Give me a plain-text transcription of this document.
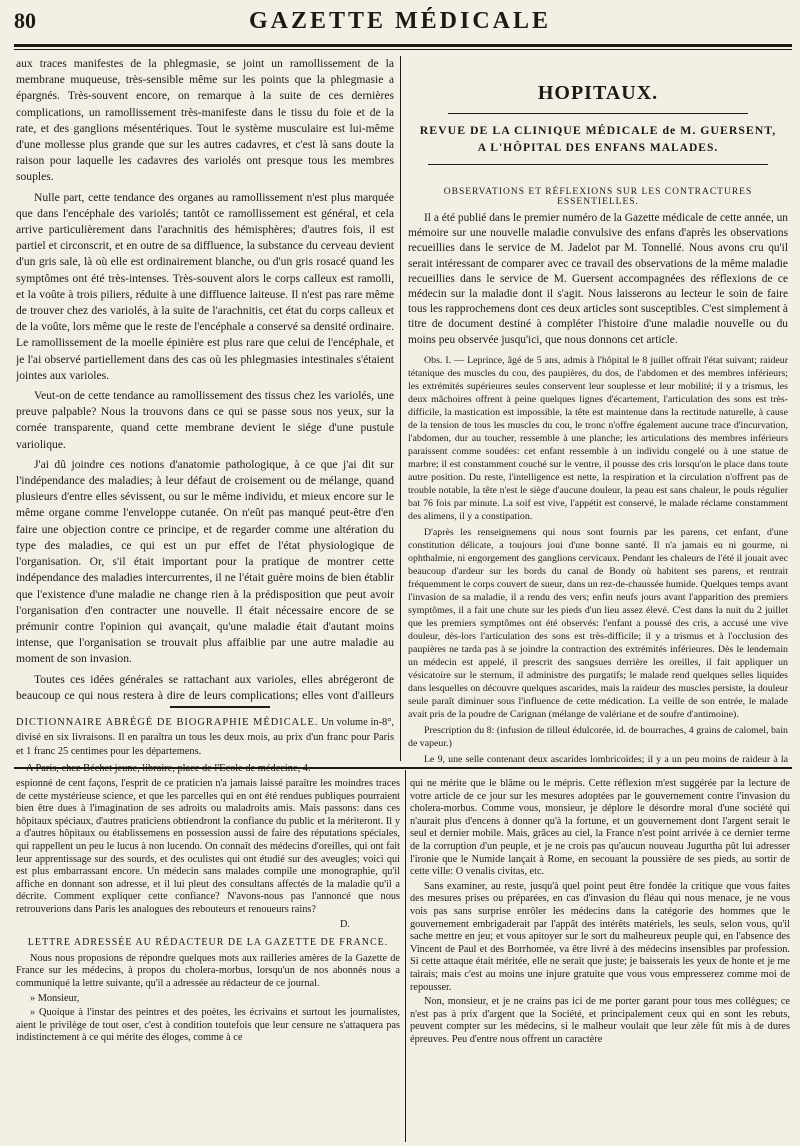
80	GAZETTE MÉDICALE

aux traces manifestes de la phlegmasie, se joint un ramollissement de la membrane muqueuse, très-sensible même sur les points que la phlegmasie a épargnés. Très-souvent encore, on remarque à la suite de ces dernières complications, un ramollissement très-manifeste dans le tissu du foie et de la rate, et des ganglions mésentériques. Tout le système musculaire est lui-même d'une mollesse plus grande que sur les autres cadavres, et c'est là sans doute la raison pour laquelle les cadavres des variolés ont presque tous les membres souples.

Nulle part, cette tendance des organes au ramollissement n'est plus marquée que dans l'encéphale des variolés; tantôt ce ramollissement est général, et cela arrive particulièrement dans l'arachnitis des hémisphères; d'autres fois, il est partiel et circonscrit, et en outre de sa diffluence, la substance du cerveau devient d'un gris sale, là où elle est ordinairement blanche, ou d'un gris rosacé quand les symptômes ont été très-intenses. Très-souvent alors le corps calleux est ramolli, et la voûte à trois piliers, réduite à une diffluence laiteuse. Il n'est pas rare même de trouver chez des variolés, à la suite de l'arachnitis, cet état du corps calleux et de la voûte, lors même que le reste de l'encéphale a conservé sa densité ordinaire. Le ramollissement de la moelle épinière est plus rare que celui de l'encéphale, et je l'ai observé partiellement dans des cas où les phlegmasies intestinales s'étaient jointes aux varioles.

Veut-on de cette tendance au ramollissement des tissus chez les variolés, une preuve palpable? Nous la trouvons dans ce qui se passe sous nos yeux, sur la cornée transparente, quand cette membrane devient le siége d'une pustule variolique.

J'ai dû joindre ces notions d'anatomie pathologique, à ce que j'ai dit sur l'indépendance des maladies; à leur défaut de croisement ou de mélange, quand plusieurs d'entre elles sévissent, ou sur le même individu, et mieux encore sur le même organe comme l'enveloppe cutanée. On n'eût pas manqué peut-être d'en faire une objection contre ce principe, et de regarder comme une altération du type des maladies, ce qui est un pur effet de l'état physiologique de l'organisation. Or, s'il était important pour la pratique de montrer cette indépendance des maladies intercurrentes, il ne l'était guère moins de bien établir que l'existence d'une maladie ne change rien à la prédisposition que peut avoir l'organisation d'en contracter une nouvelle. Il était nécessaire encore de se prémunir contre l'opinion qui avançait, qu'une maladie était d'autant moins intense, que l'organisation se trouvait plus affaiblie par une autre maladie au moment de son invasion.

Toutes ces idées générales se rattachant aux varioles, elles abrégeront de beaucoup ce qui nous restera à dire de leurs complications; elles vont d'ailleurs

HOPITAUX.
REVUE DE LA CLINIQUE MÉDICALE de M. GUERSENT,
A L'HÔPITAL DES ENFANS MALADES.
OBSERVATIONS ET RÉFLEXIONS SUR LES CONTRACTURES ESSENTIELLES.

Il a été publié dans le premier numéro de la Gazette médicale de cette année, un mémoire sur une nouvelle maladie convulsive des enfans d'après les observations recueillies dans le service de M. Jadelot par M. Tonnellé. Nous avons cru qu'il serait intéressant de comparer avec ce travail des observations de la même maladie recueillies dans le service de M. Guersent accompagnées des réflexions de ce médecin sur la maladie dont il s'agit. Nous laisserons au lecteur le soin de faire tous les rapprochemens dont ces deux articles sont susceptibles. C'est simplement à titre de document destiné à compléter l'histoire d'une maladie nouvelle ou du moins peu observée jusqu'ici, que nous donnons cet article.

Obs. I. — Leprince, âgé de 5 ans, admis à l'hôpital le 8 juillet offrait l'état suivant; raideur tétanique des muscles du cou, des paupières, du dos, de l'abdomen et des membres inférieurs; les extrémités supérieures seules conservent leur souplesse et leur mobilité; il y a trismus, les deux mâchoires offrent à peine quelques lignes d'écartement, l'articulation des sons est très-difficile, la mastication est impossible, la tête est maintenue dans la rectitude naturelle, à cause de la tension de tous les muscles du cou, le tronc n'offre également aucune trace d'incurvation, l'abdomen, dur au toucher, ressemble à une planche; les articulations des membres inférieurs paraissent comme soudées: cet enfant ressemble à un individu congelé ou à une statue de marbre; il est constamment couché sur le ventre, il pousse des cris lorsqu'on le place dans toute autre position. Du reste, l'intelligence est nette, la respiration et la circulation n'offrent pas de trouble notable, la tête n'est le siège d'aucune douleur, la peau est sans chaleur, le pouls régulier bat 76 fois par minute. La soif est vive, l'appétit est conservé, le malade réclame constamment des alimens, il y a constipation.

D'après les renseignemens qui nous sont fournis par les parens, cet enfant, d'une constitution délicate, a toujours joui d'une bonne santé. Il n'a jamais eu ni gourme, ni ophthalmie, ni engorgement des ganglions cervicaux. Pendant les chaleurs de l'été il jouait avec beaucoup d'ardeur sur les bords du canal de Bondy où habitent ses parens, et rentrait fréquemment le corps couvert de sueur, dans un rez-de-chaussée humide. Quelques temps avant l'invasion de sa maladie, il a rendu des vers; enfin neufs jours avant l'apparition des premiers symptômes, il a fait une chute sur les pieds d'un lieu assez élevé. C'est dans la nuit du 2 juillet que les premiers symptômes ont été observés: l'enfant a poussé des cris, a accusé une vive douleur, dès-lors l'articulation des sons est très-difficile; il y a trismus et à l'occlusion des paupières ne tarda pas à se joindre la contraction des extrémités inférieures. Dès le lendemain un médecin est appelé, il prescrit des sangsues derrière les oreilles, il fait appliquer un vésicatoire sur le sternum, il administre des purgatifs; le malade rend quelques selles liquides dans lesquelles on découvre quelques ascarides, mais la raideur des muscles persiste, la douleur seule paraît diminuer sous l'influence de cette médication. La veille de son entrée, le malade avait pris de la poudre de Carignan (mélange de valériane et de soufre d'antimoine).

Prescription du 8: (infusion de tilleul édulcorée, id. de bourraches, 4 grains de calomel, bain de vapeur.)

Le 9, une selle contenant deux ascarides lombricoïdes; il y a un peu moins de raideur à la

DICTIONNAIRE ABRÉGÉ DE BIOGRAPHIE MÉDICALE. Un volume in-8°, divisé en six livraisons. Il en paraîtra un tous les deux mois, au prix d'un franc pour Paris et 1 franc 25 centimes pour les départemens.

A Paris, chez Béchet jeune, libraire, place de l'Ecole de médecine, 4.

espionné de cent façons, l'esprit de ce praticien n'a jamais laissé paraître les moindres traces de cette mystérieuse science, et que les parcelles qui en ont été rendues publiques pourraient bien être dues à l'imagination de ses adroits ou maladroits amis. Mais passons: dans ces hôpitaux spéciaux, d'autres praticiens obtiendront la confiance du public et la mériteront. Il y a d'autres hôpitaux ou établissemens en possession aussi de faire des réputations spéciales, qui rappellent un peu le lucus à non lucendo. On connaît des médecins d'oreilles, qui ont fait leur apprentissage sur des sourds, et des oculistes qui ont étudié sur des aveugles; voici qui est plus embarrassant encore. Un médecin sans malades compile une monographie, qu'il affiche en donnant son adresse, et il lui pleut des consultans affectés de la maladie qu'il a décrite. Comment expliquer cette confiance? N'avons-nous pas l'annoncé que nous retrouverions dans Paris les analogues des rebouteurs et renoueurs rains?

D.
LETTRE ADRESSÉE AU RÉDACTEUR DE LA GAZETTE DE FRANCE.

Nous nous proposions de répondre quelques mots aux railleries amères de la Gazette de France sur les médecins, à propos du cholera-morbus, lorsqu'un de nos abonnés nous a communiqué la lettre suivante, qu'il a adressée au rédacteur de ce journal.

» Monsieur,

» Quoique à l'instar des peintres et des poètes, les écrivains et surtout les journalistes, aient le privilège de tout oser, c'est à condition toutefois que leur censure ne s'attaquera pas indistinctement à ce qui mérite des éloges, comme à ce

qui ne mérite que le blâme ou le mépris. Cette réflexion m'est suggérée par la lecture de votre article de ce jour sur les mesures adoptées par le gouvernement contre l'invasion du cholera-morbus. Comme vous, monsieur, je déplore le désordre moral d'une société qui n'aurait plus d'encens à donner qu'à la fortune, et un gouvernement dont l'argent serait le seul et dernier mobile. Mais, grâces au ciel, la France n'est point arrivée à ce dernier terme de la corruption d'un peuple, et je ne crois pas qu'aucun nouveau Jugurtha pût lui adresser l'ironie que le Numide lançait à Rome, en secouant la poussière de ses pieds, au sortir de cette ville: O venalis civitas, etc.

Sans examiner, au reste, jusqu'à quel point peut être fondée la critique que vous faites des mesures prises ou préparées, en cas d'invasion du fléau qui nous menace, je ne vous vois pas sans surprise enrôler les médecins dans la catégorie des hommes que le gouvernement embrigaderait par l'appât des intérêts matériels, les seuls, selon vous, qu'il sache mettre en jeu; et vous apitoyer sur le sort du malheureux peuple qui, en l'absence des Vincent de Paul et des Borrhomée, va être livré à des médecins insensibles par profession. Si cette attaque était méritée, elle ne serait que juste; je baisserais les yeux de honte et je me tairais; mais c'est au moins une injure gratuite que vous vous empresserez comme moi de repousser.

Non, monsieur, et je ne crains pas ici de me porter garant pour tous mes collègues; ce n'est pas à prix d'argent que la Société, et principalement ceux qui en sont les rebuts, peuvent compter sur les médecins, si le malheur voulait que leur zèle fût mis à de dures épreuves. Peu d'entre nous offrent un caractère
